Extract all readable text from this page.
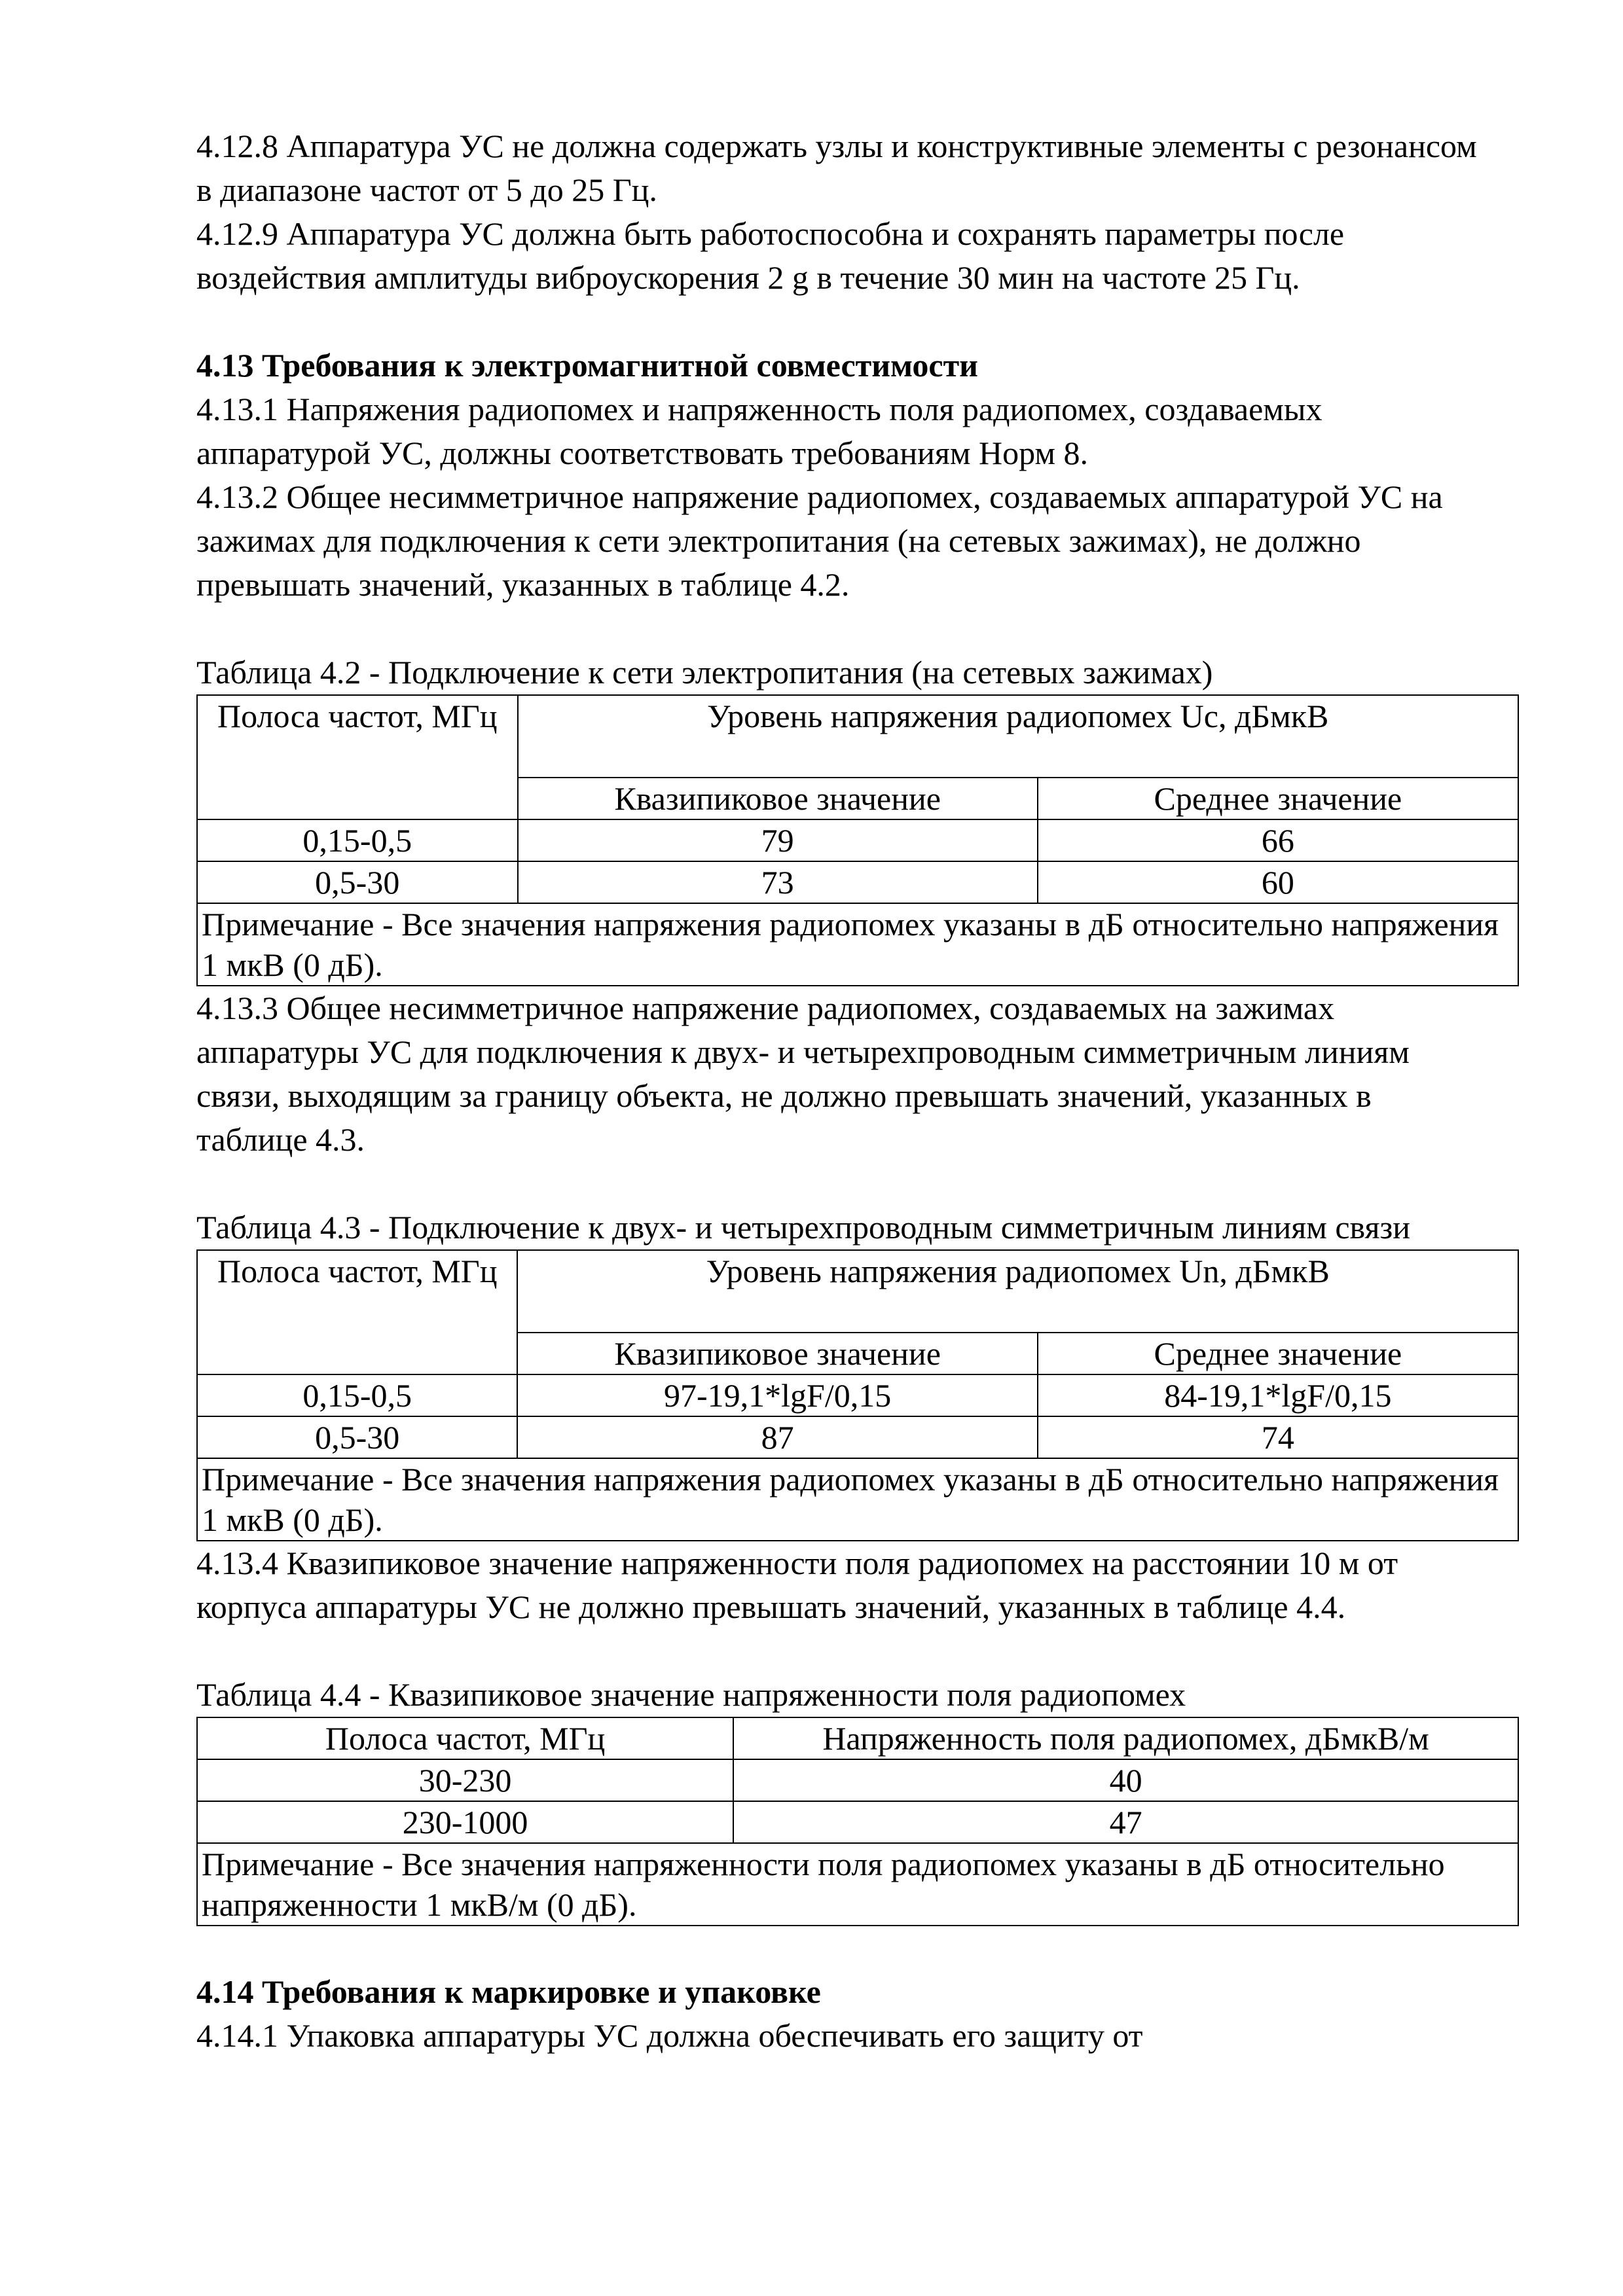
4.12.8 Аппаратура УС не должна содержать узлы и конструктивные элементы с резонансом в диапазоне частот от 5 до 25 Гц.

4.12.9 Аппаратура УС должна быть работоспособна и сохранять параметры после воздействия амплитуды виброускорения 2 g в течение 30 мин на частоте 25 Гц.

4.13 Требования к электромагнитной совместимости

4.13.1 Напряжения радиопомех и напряженность поля радиопомех, создаваемых аппаратурой УС, должны соответствовать требованиям Норм 8.

4.13.2 Общее несимметричное напряжение радиопомех, создаваемых аппаратурой УС на зажимах для подключения к сети электропитания (на сетевых зажимах), не должно превышать значений, указанных в таблице 4.2.

Таблица 4.2 - Подключение к сети электропитания (на сетевых зажимах)

Полоса частот, МГц	Уровень напряжения радиопомех Uc, дБмкВ	
	Квазипиковое значение	Среднее значение
0,15-0,5	79	66
0,5-30	73	60
Примечание - Все значения напряжения радиопомех указаны в дБ относительно напряжения 1 мкВ (0 дБ).		

4.13.3 Общее несимметричное напряжение радиопомех, создаваемых на зажимах аппаратуры УС для подключения к двух- и четырехпроводным симметричным линиям связи, выходящим за границу объекта, не должно превышать значений, указанных в таблице 4.3.

Таблица 4.3 - Подключение к двух- и четырехпроводным симметричным линиям связи

Полоса частот, МГц	Уровень напряжения радиопомех Un, дБмкВ	
	Квазипиковое значение	Среднее значение
0,15-0,5	97-19,1*lgF/0,15	84-19,1*lgF/0,15
0,5-30	87	74
Примечание - Все значения напряжения радиопомех указаны в дБ относительно напряжения 1 мкВ (0 дБ).		

4.13.4 Квазипиковое значение напряженности поля радиопомех на расстоянии 10 м от корпуса аппаратуры УС не должно превышать значений, указанных в таблице 4.4.

Таблица 4.4 - Квазипиковое значение напряженности поля радиопомех

Полоса частот, МГц	Напряженность поля радиопомех, дБмкВ/м
30-230	40
230-1000	47
Примечание - Все значения напряженности поля радиопомех указаны в дБ относительно напряженности 1 мкВ/м (0 дБ).	

4.14 Требования к маркировке и упаковке

4.14.1 Упаковка аппаратуры УС должна обеспечивать его защиту от
